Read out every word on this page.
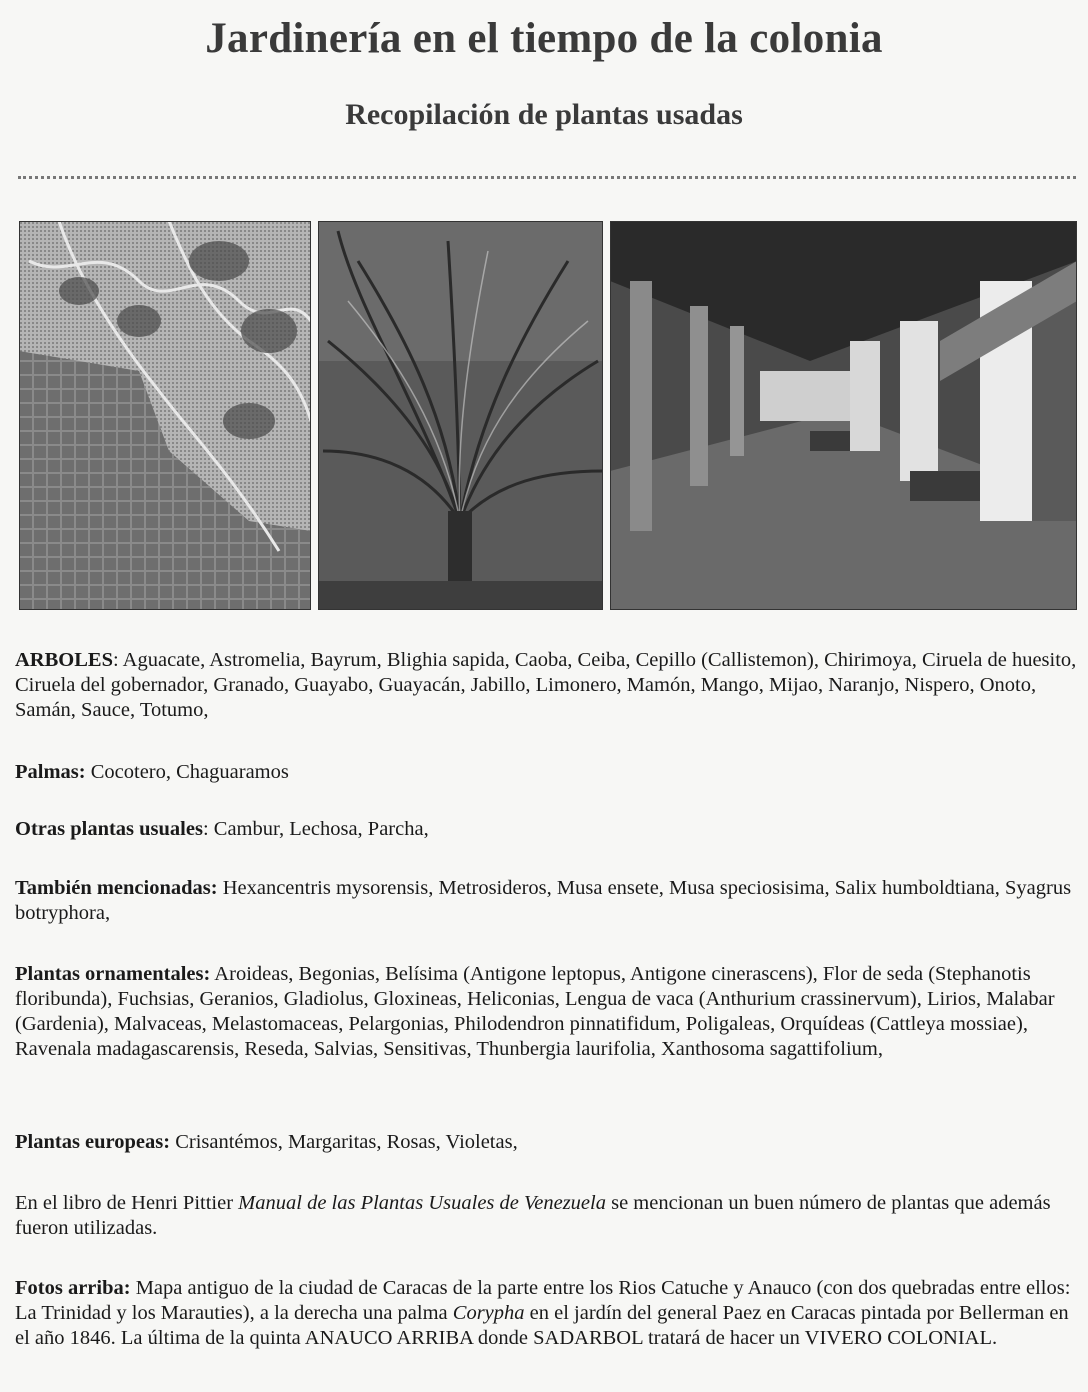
Jardinería en el tiempo de la colonia
Recopilación de plantas usadas

ARBOLES: Aguacate, Astromelia, Bayrum, Blighia sapida, Caoba, Ceiba, Cepillo (Callistemon), Chirimoya, Ciruela de huesito, Ciruela del gobernador, Granado, Guayabo, Guayacán, Jabillo, Limonero, Mamón, Mango, Mijao, Naranjo, Nispero, Onoto, Samán, Sauce, Totumo,

Palmas: Cocotero, Chaguaramos

Otras plantas usuales: Cambur, Lechosa, Parcha,

También mencionadas: Hexancentris mysorensis, Metrosideros, Musa ensete, Musa speciosisima, Salix humboldtiana, Syagrus botryphora,

Plantas ornamentales: Aroideas, Begonias, Belísima (Antigone leptopus, Antigone cinerascens), Flor de seda (Stephanotis floribunda), Fuchsias, Geranios, Gladiolus, Gloxineas, Heliconias, Lengua de vaca (Anthurium crassinervum), Lirios, Malabar (Gardenia), Malvaceas, Melastomaceas, Pelargonias, Philodendron pinnatifidum, Poligaleas, Orquídeas (Cattleya mossiae), Ravenala madagascarensis, Reseda, Salvias, Sensitivas, Thunbergia laurifolia, Xanthosoma sagattifolium,

Plantas europeas: Crisantémos, Margaritas, Rosas, Violetas,

En el libro de Henri Pittier Manual de las Plantas Usuales de Venezuela se mencionan un buen número de plantas que además fueron utilizadas.

Fotos arriba: Mapa antiguo de la ciudad de Caracas de la parte entre los Rios Catuche y Anauco (con dos quebradas entre ellos: La Trinidad y los Marauties), a la derecha una palma Corypha en el jardín del general Paez en Caracas pintada por Bellerman en el año 1846. La última de la quinta ANAUCO ARRIBA donde SADARBOL tratará de hacer un VIVERO COLONIAL.
